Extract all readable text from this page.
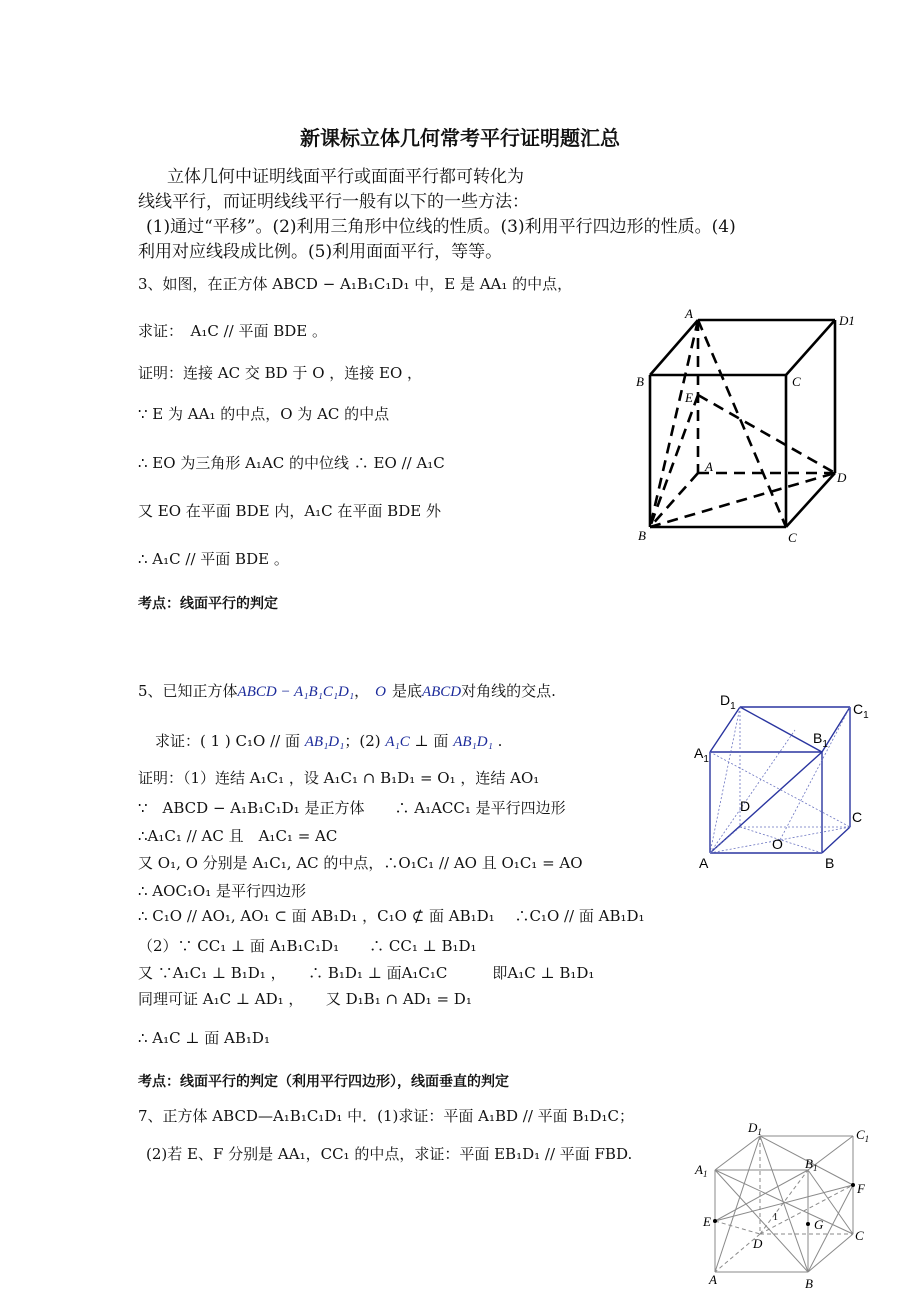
新课标立体几何常考平行证明题汇总
立体几何中证明线面平行或面面平行都可转化为
线线平行，而证明线线平行一般有以下的一些方法：
(1)通过“平移”。(2)利用三角形中位线的性质。(3)利用平行四边形的性质。(4)
利用对应线段成比例。(5)利用面面平行，等等。
3、如图，在正方体 ABCD − A₁B₁C₁D₁ 中，E 是 AA₁ 的中点，
求证：　A₁C // 平面 BDE 。
证明：连接 AC 交 BD 于 O ，连接 EO ，
∵ E 为 AA₁ 的中点，O 为 AC 的中点
∴ EO 为三角形 A₁AC 的中位线 ∴ EO // A₁C
又 EO 在平面 BDE 内，A₁C 在平面 BDE 外
∴ A₁C // 平面 BDE 。
考点：线面平行的判定
A	D1
B	C
E
A
D
B	C
5、已知正方体ABCD − A₁B₁C₁D₁， O 是底ABCD对角线的交点.
求证：( 1 ) C₁O // 面 AB₁D₁；(2) A₁C ⊥ 面 AB₁D₁ .
证明：（1）连结 A₁C₁ ，设 A₁C₁ ∩ B₁D₁ = O₁ ，连结 AO₁
∵　ABCD − A₁B₁C₁D₁ 是正方体　　∴ A₁ACC₁ 是平行四边形
∴A₁C₁ // AC 且　A₁C₁ = AC
又 O₁, O 分别是 A₁C₁, AC 的中点，∴O₁C₁ // AO 且 O₁C₁ = AO
∴ AOC₁O₁ 是平行四边形
∴ C₁O // AO₁, AO₁ ⊂ 面 AB₁D₁ ，C₁O ⊄ 面 AB₁D₁　 ∴C₁O // 面 AB₁D₁
（2）∵ CC₁ ⊥ 面 A₁B₁C₁D₁　　∴ CC₁ ⊥ B₁D₁
又 ∵A₁C₁ ⊥ B₁D₁ ，　　∴ B₁D₁ ⊥ 面A₁C₁C　　　即A₁C ⊥ B₁D₁
同理可证 A₁C ⊥ AD₁ ，　　又 D₁B₁ ∩ AD₁ = D₁
∴ A₁C ⊥ 面 AB₁D₁
考点：线面平行的判定（利用平行四边形），线面垂直的判定
$D_1$	$C_1$
$B_1$
$A_1$
D
C
O
A	B
7、正方体 ABCD—A₁B₁C₁D₁ 中．(1)求证：平面 A₁BD // 平面 B₁D₁C；
(2)若 E、F 分别是 AA₁，CC₁ 的中点，求证：平面 EB₁D₁ // 平面 FBD.
$D_1$	$C_1$
$A_1$
$B_1$
F
E	1	G
C
D
A	B
